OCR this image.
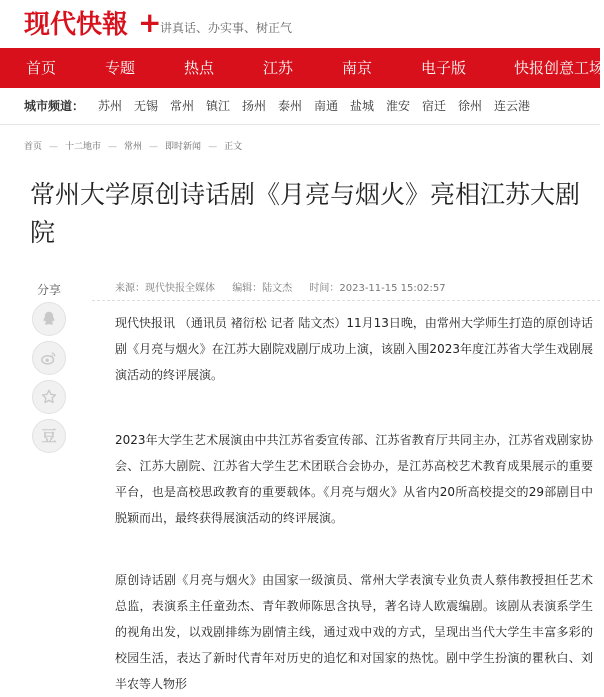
现代快報 +
讲真话、办实事、树正气
首页	专题	热点	江苏	南京	电子版	快报创意工场
城市频道： 苏州 无锡 常州 镇江 扬州 泰州 南通 盐城 淮安 宿迁 徐州 连云港
首页 — 十二地市 — 常州 — 即时新闻 — 正文
常州大学原创诗话剧《月亮与烟火》亮相江苏大剧院
分享
豆
来源：现代快报全媒体 编辑：陆文杰 时间：2023-11-15 15:02:57

现代快报讯 （通讯员 褚衍松 记者 陆文杰）11月13日晚，由常州大学师生打造的原创诗话剧《月亮与烟火》在江苏大剧院戏剧厅成功上演，该剧入围2023年度江苏省大学生戏剧展演活动的终评展演。

2023年大学生艺术展演由中共江苏省委宣传部、江苏省教育厅共同主办，江苏省戏剧家协会、江苏大剧院、江苏省大学生艺术团联合会协办，是江苏高校艺术教育成果展示的重要平台，也是高校思政教育的重要载体。《月亮与烟火》从省内20所高校提交的29部剧目中脱颖而出，最终获得展演活动的终评展演。

原创诗话剧《月亮与烟火》由国家一级演员、常州大学表演专业负责人蔡伟教授担任艺术总监，表演系主任童劲杰、青年教师陈思含执导，著名诗人欧震编剧。该剧从表演系学生的视角出发，以戏剧排练为剧情主线，通过戏中戏的方式，呈现出当代大学生丰富多彩的校园生活，表达了新时代青年对历史的追忆和对国家的热忱。剧中学生扮演的瞿秋白、刘半农等人物形
